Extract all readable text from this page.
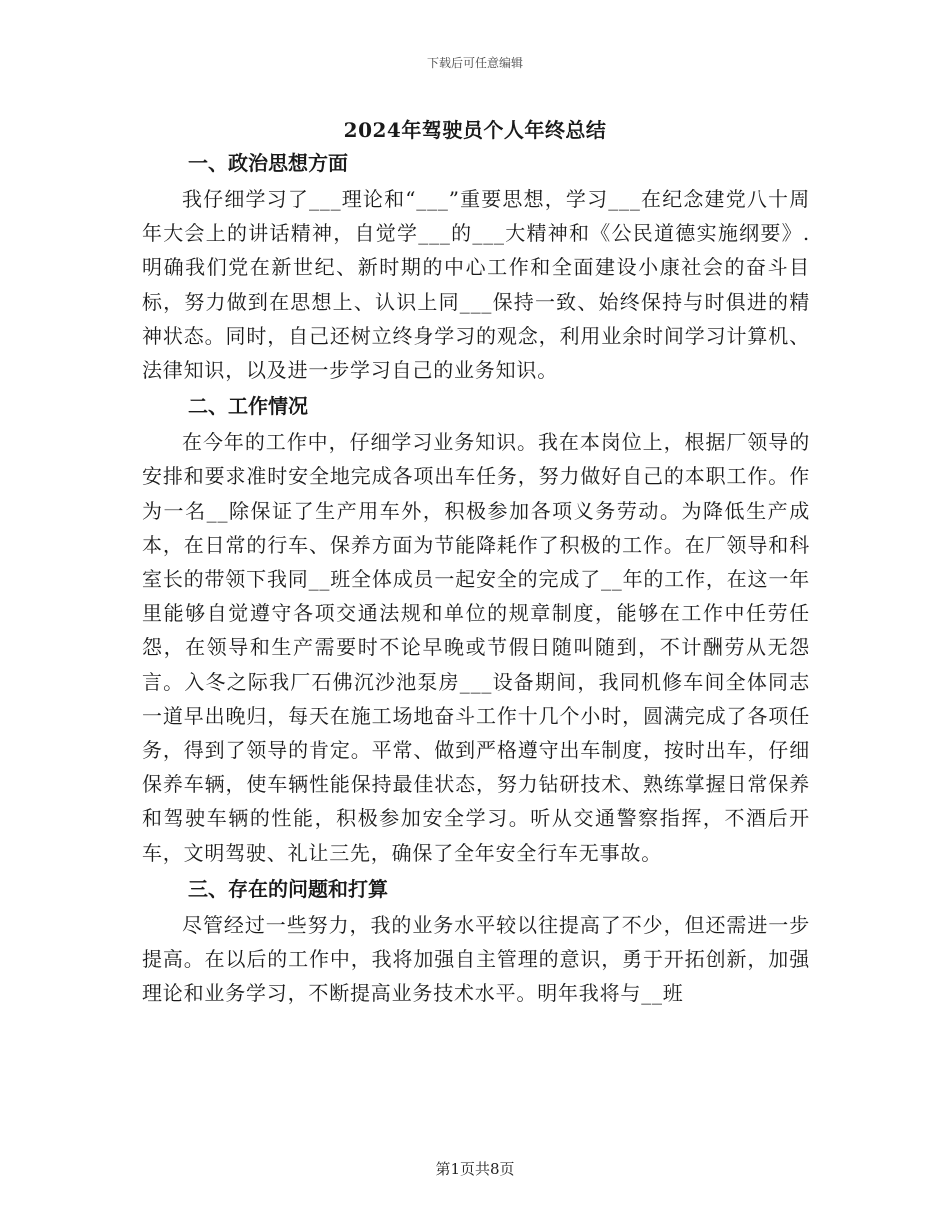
下载后可任意编辑
2024年驾驶员个人年终总结
一、政治思想方面

我仔细学习了___理论和“___”重要思想，学习___在纪念建党八十周年大会上的讲话精神，自觉学___的___大精神和《公民道德实施纲要》.明确我们党在新世纪、新时期的中心工作和全面建设小康社会的奋斗目标，努力做到在思想上、认识上同___保持一致、始终保持与时俱进的精神状态。同时，自己还树立终身学习的观念，利用业余时间学习计算机、法律知识，以及进一步学习自己的业务知识。

二、工作情况

在今年的工作中，仔细学习业务知识。我在本岗位上，根据厂领导的安排和要求准时安全地完成各项出车任务，努力做好自己的本职工作。作为一名__除保证了生产用车外，积极参加各项义务劳动。为降低生产成本，在日常的行车、保养方面为节能降耗作了积极的工作。在厂领导和科室长的带领下我同__班全体成员一起安全的完成了__年的工作，在这一年里能够自觉遵守各项交通法规和单位的规章制度，能够在工作中任劳任怨，在领导和生产需要时不论早晚或节假日随叫随到，不计酬劳从无怨言。入冬之际我厂石佛沉沙池泵房___设备期间，我同机修车间全体同志一道早出晚归，每天在施工场地奋斗工作十几个小时，圆满完成了各项任务，得到了领导的肯定。平常、做到严格遵守出车制度，按时出车，仔细保养车辆，使车辆性能保持最佳状态，努力钻研技术、熟练掌握日常保养和驾驶车辆的性能，积极参加安全学习。听从交通警察指挥，不酒后开车，文明驾驶、礼让三先，确保了全年安全行车无事故。

三、存在的问题和打算

尽管经过一些努力，我的业务水平较以往提高了不少，但还需进一步提高。在以后的工作中，我将加强自主管理的意识，勇于开拓创新，加强理论和业务学习，不断提高业务技术水平。明年我将与__班

第1页共8页
